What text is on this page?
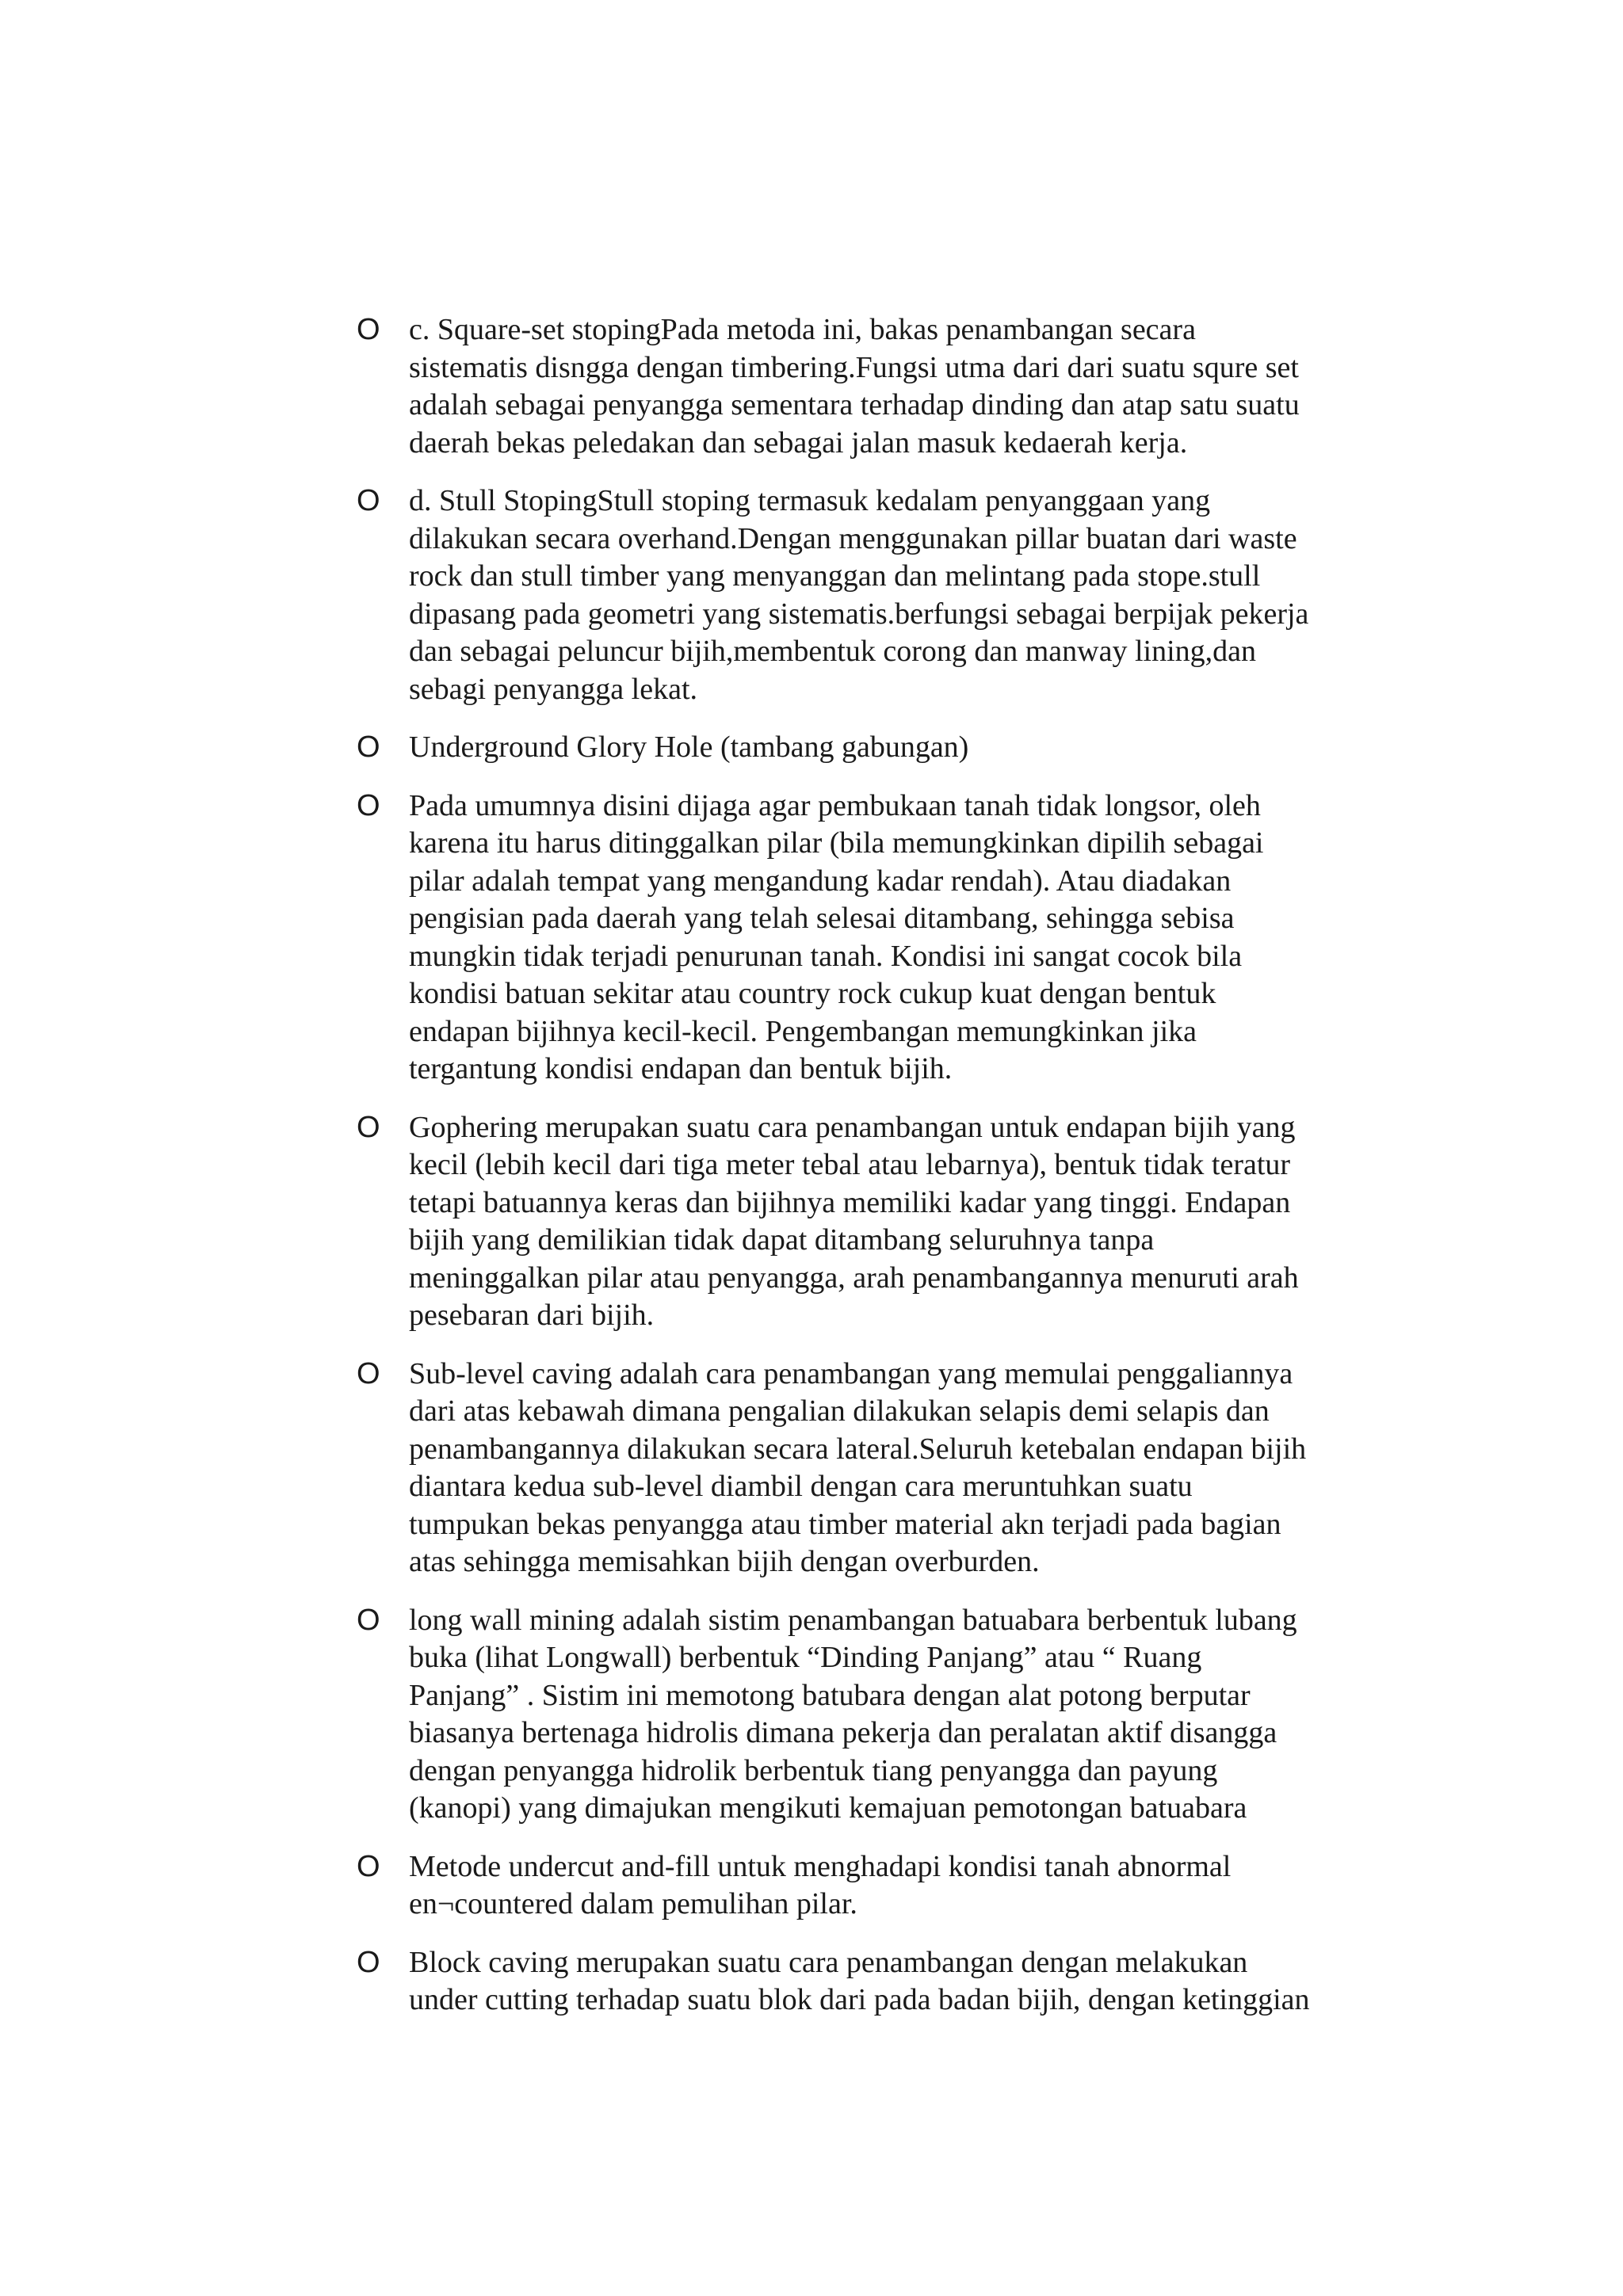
O c. Square-set stopingPada metoda ini, bakas penambangan secara
sistematis disngga dengan timbering.Fungsi utma dari dari suatu squre set
adalah sebagai penyangga sementara terhadap dinding dan atap satu suatu
daerah bekas peledakan dan sebagai jalan masuk kedaerah kerja.
O d. Stull StopingStull stoping termasuk kedalam penyanggaan yang
dilakukan secara overhand.Dengan menggunakan pillar buatan dari waste
rock dan stull timber yang menyanggan dan melintang pada stope.stull
dipasang pada geometri yang sistematis.berfungsi sebagai berpijak pekerja
dan sebagai peluncur bijih,membentuk corong dan manway lining,dan
sebagi penyangga lekat.
O Underground Glory Hole (tambang gabungan)
O Pada umumnya disini dijaga agar pembukaan tanah tidak longsor, oleh
karena itu harus ditinggalkan pilar (bila memungkinkan dipilih sebagai
pilar adalah tempat yang mengandung kadar rendah). Atau diadakan
pengisian pada daerah yang telah selesai ditambang, sehingga sebisa
mungkin tidak terjadi penurunan tanah. Kondisi ini sangat cocok bila
kondisi batuan sekitar atau country rock cukup kuat dengan bentuk
endapan bijihnya kecil-kecil. Pengembangan memungkinkan jika
tergantung kondisi endapan dan bentuk bijih.
O Gophering merupakan suatu cara penambangan untuk endapan bijih yang
kecil (lebih kecil dari tiga meter tebal atau lebarnya), bentuk tidak teratur
tetapi batuannya keras dan bijihnya memiliki kadar yang tinggi. Endapan
bijih yang demilikian tidak dapat ditambang seluruhnya tanpa
meninggalkan pilar atau penyangga, arah penambangannya menuruti arah
pesebaran dari bijih.
O Sub-level caving adalah cara penambangan yang memulai penggaliannya
dari atas kebawah dimana pengalian dilakukan selapis demi selapis dan
penambangannya dilakukan secara lateral.Seluruh ketebalan endapan bijih
diantara kedua sub-level diambil dengan cara meruntuhkan suatu
tumpukan bekas penyangga atau timber material akn terjadi pada bagian
atas sehingga memisahkan bijih dengan overburden.
O long wall mining adalah sistim penambangan batuabara berbentuk lubang
buka (lihat Longwall) berbentuk “Dinding Panjang” atau “ Ruang
Panjang” . Sistim ini memotong batubara dengan alat potong berputar
biasanya bertenaga hidrolis dimana pekerja dan peralatan aktif disangga
dengan penyangga hidrolik berbentuk tiang penyangga dan payung
(kanopi) yang dimajukan mengikuti kemajuan pemotongan batuabara
O Metode undercut and-fill untuk menghadapi kondisi tanah abnormal
en¬countered dalam pemulihan pilar.
O Block caving merupakan suatu cara penambangan dengan melakukan
under cutting terhadap suatu blok dari pada badan bijih, dengan ketinggian
